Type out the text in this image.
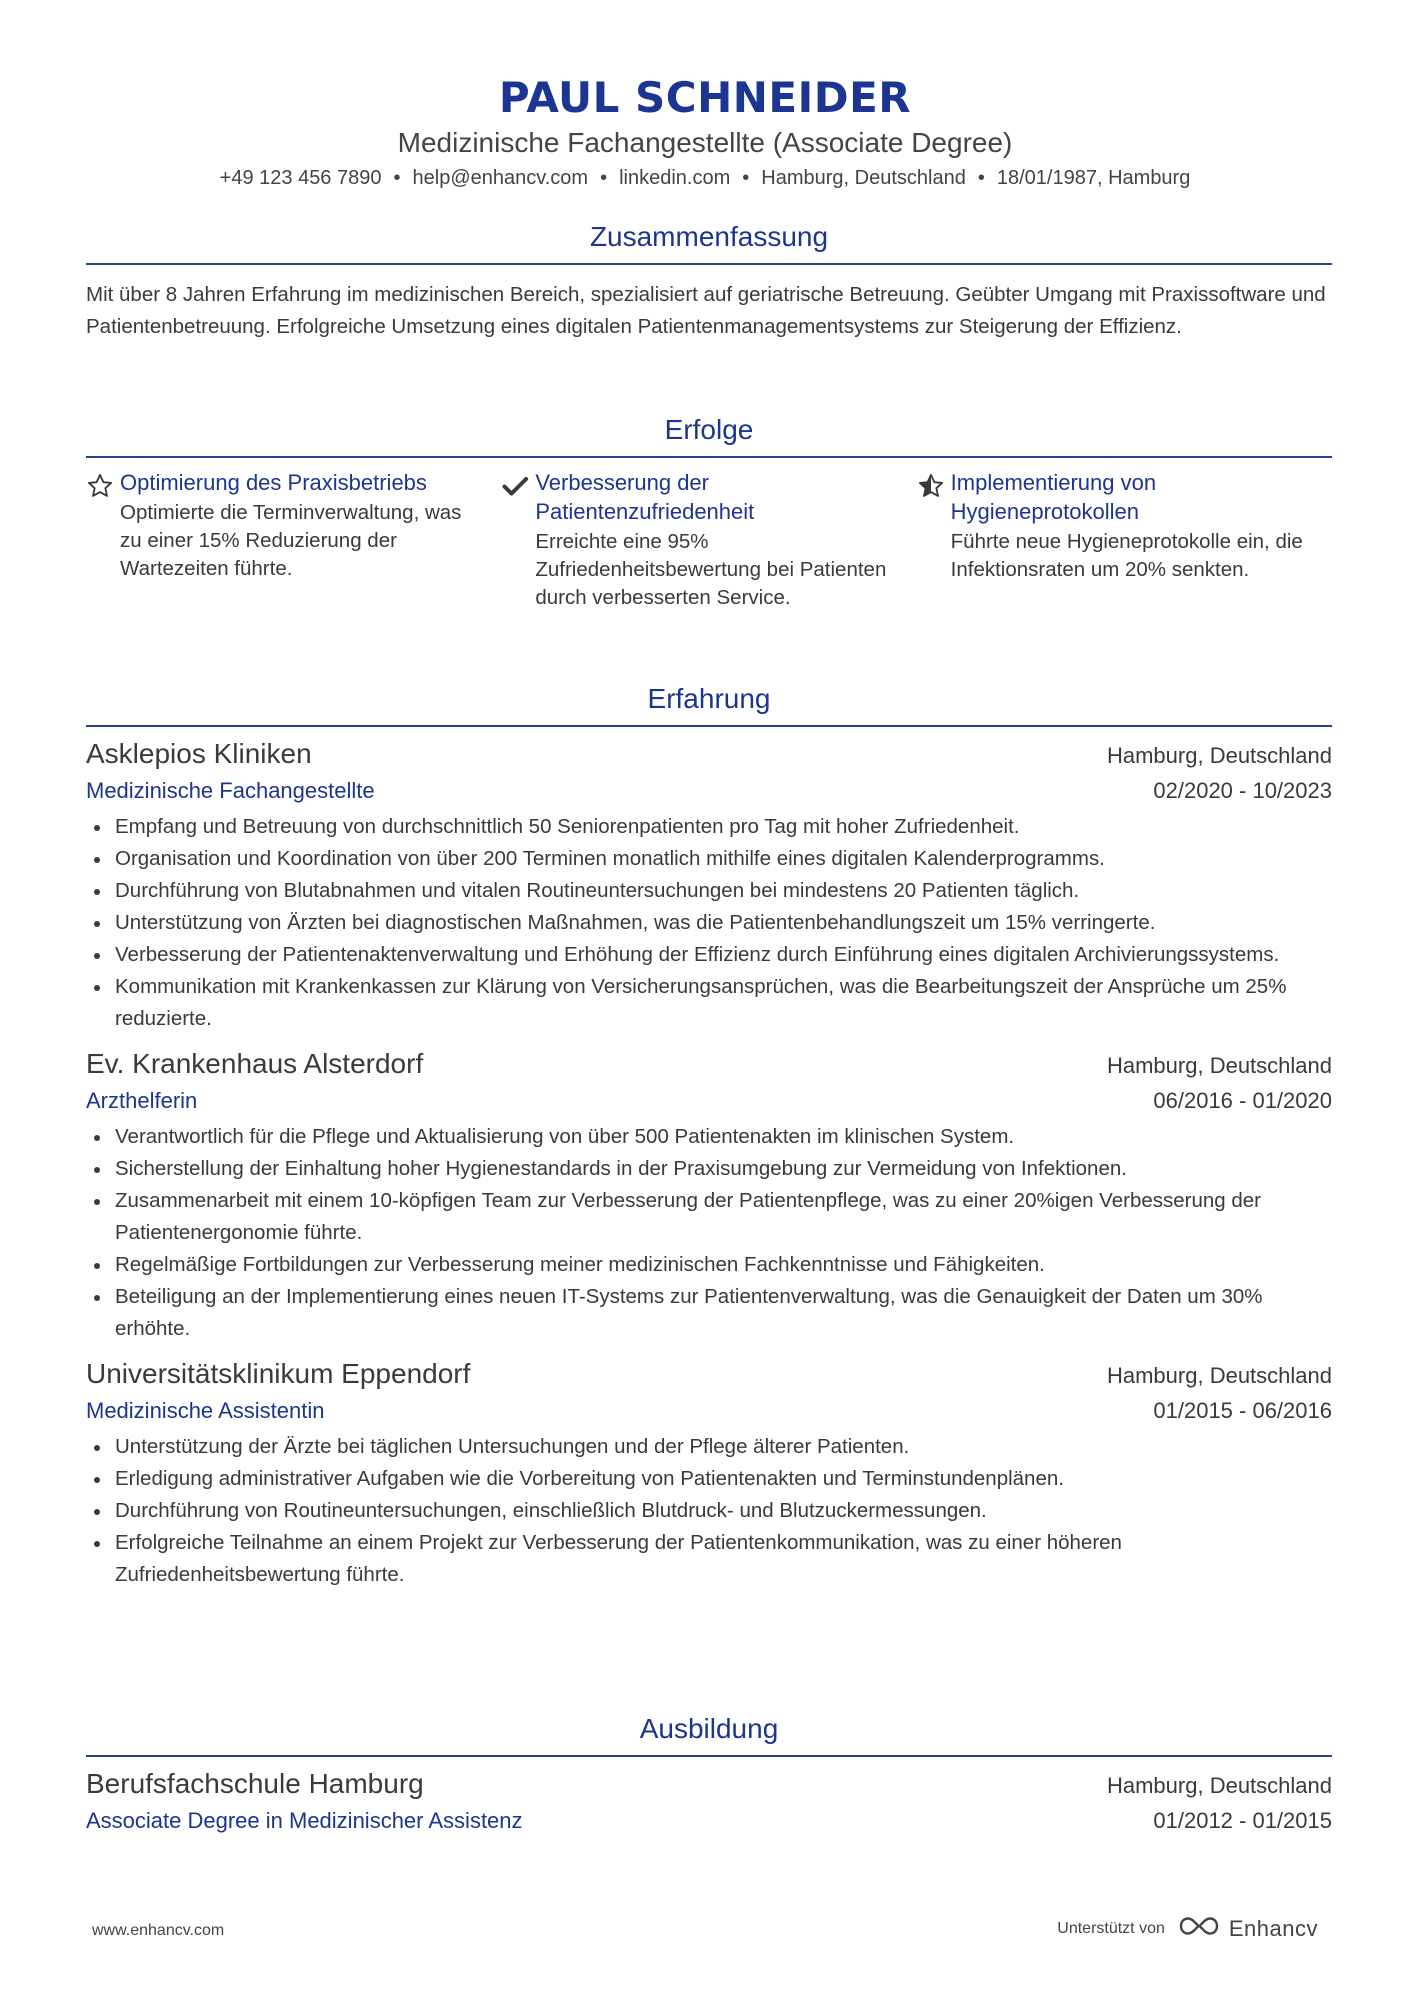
PAUL SCHNEIDER
Medizinische Fachangestellte (Associate Degree)
+49 123 456 7890 • help@enhancv.com • linkedin.com • Hamburg, Deutschland • 18/01/1987, Hamburg
Zusammenfassung
Mit über 8 Jahren Erfahrung im medizinischen Bereich, spezialisiert auf geriatrische Betreuung. Geübter Umgang mit Praxissoftware und Patientenbetreuung. Erfolgreiche Umsetzung eines digitalen Patientenmanagementsystems zur Steigerung der Effizienz.
Erfolge
Optimierung des Praxisbetriebs
Optimierte die Terminverwaltung, was zu einer 15% Reduzierung der Wartezeiten führte.
Verbesserung der Patientenzufriedenheit
Erreichte eine 95% Zufriedenheitsbewertung bei Patienten durch verbesserten Service.
Implementierung von Hygieneprotokollen
Führte neue Hygieneprotokolle ein, die Infektionsraten um 20% senkten.
Erfahrung
Asklepios Kliniken	Hamburg, Deutschland
Medizinische Fachangestellte	02/2020 - 10/2023
Empfang und Betreuung von durchschnittlich 50 Seniorenpatienten pro Tag mit hoher Zufriedenheit.
Organisation und Koordination von über 200 Terminen monatlich mithilfe eines digitalen Kalenderprogramms.
Durchführung von Blutabnahmen und vitalen Routineuntersuchungen bei mindestens 20 Patienten täglich.
Unterstützung von Ärzten bei diagnostischen Maßnahmen, was die Patientenbehandlungszeit um 15% verringerte.
Verbesserung der Patientenaktenverwaltung und Erhöhung der Effizienz durch Einführung eines digitalen Archivierungssystems.
Kommunikation mit Krankenkassen zur Klärung von Versicherungsansprüchen, was die Bearbeitungszeit der Ansprüche um 25% reduzierte.
Ev. Krankenhaus Alsterdorf	Hamburg, Deutschland
Arzthelferin	06/2016 - 01/2020
Verantwortlich für die Pflege und Aktualisierung von über 500 Patientenakten im klinischen System.
Sicherstellung der Einhaltung hoher Hygienestandards in der Praxisumgebung zur Vermeidung von Infektionen.
Zusammenarbeit mit einem 10-köpfigen Team zur Verbesserung der Patientenpflege, was zu einer 20%igen Verbesserung der Patientenergonomie führte.
Regelmäßige Fortbildungen zur Verbesserung meiner medizinischen Fachkenntnisse und Fähigkeiten.
Beteiligung an der Implementierung eines neuen IT-Systems zur Patientenverwaltung, was die Genauigkeit der Daten um 30% erhöhte.
Universitätsklinikum Eppendorf	Hamburg, Deutschland
Medizinische Assistentin	01/2015 - 06/2016
Unterstützung der Ärzte bei täglichen Untersuchungen und der Pflege älterer Patienten.
Erledigung administrativer Aufgaben wie die Vorbereitung von Patientenakten und Terminstundenplänen.
Durchführung von Routineuntersuchungen, einschließlich Blutdruck- und Blutzuckermessungen.
Erfolgreiche Teilnahme an einem Projekt zur Verbesserung der Patientenkommunikation, was zu einer höheren Zufriedenheitsbewertung führte.
Ausbildung
Berufsfachschule Hamburg	Hamburg, Deutschland
Associate Degree in Medizinischer Assistenz	01/2012 - 01/2015
www.enhancv.com	Unterstützt von	Enhancv
